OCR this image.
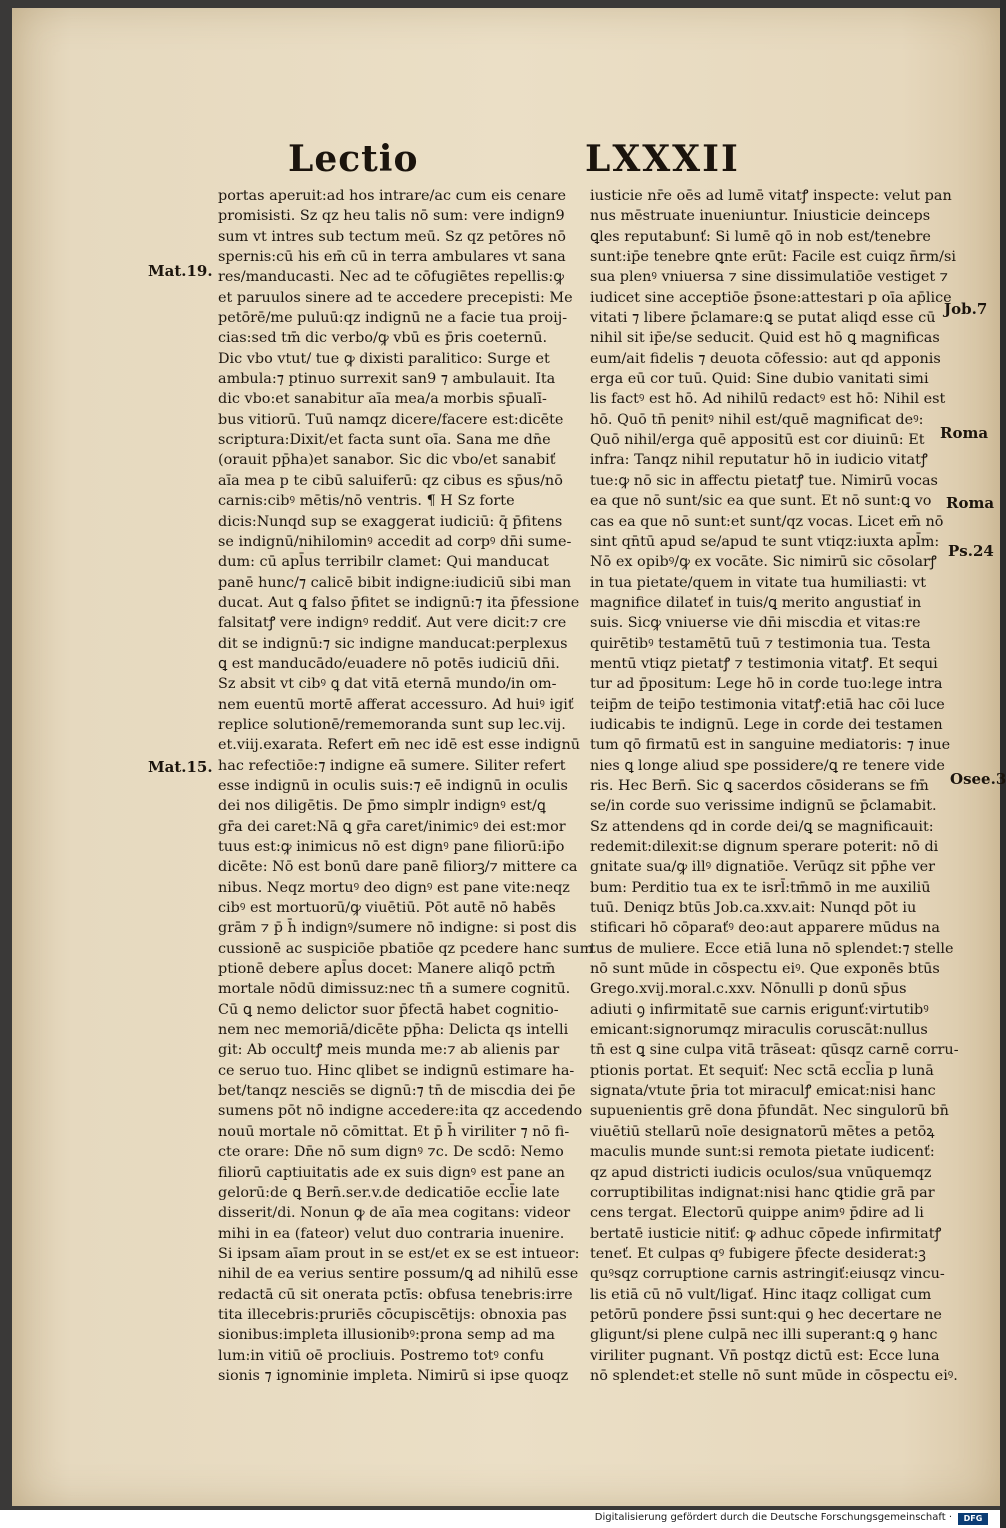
Lectio	LXXXII
portas aperuit:ad hos intrare/ac cum eis cenare
promisisti. Sz qz heu talis nō sum: vere indign9
sum vt intres sub tectum meū. Sz qz petōres nō
spernis:cū his em̄ cū in terra ambulares vt sana
res/manducasti. Nec ad te cōfugiētes repellis:ꝙ
et paruulos sinere ad te accedere precepisti: Me
petōrē/me puluū:qz indignū ne a facie tua proij-
cias:sed tm̄ dic verbo/ꝙ vbū es p̄ris coeternū.
Dic vbo vtut/ tue ꝙ dixisti paralitico: Surge et
ambula:⁊ ptinuo surrexit san9 ⁊ ambulauit. Ita
dic vbo:et sanabitur aīa mea/a morbis sp̄ualī-
bus vitiorū. Tuū namqz dicere/facere est:dicēte
scriptura:Dixit/et facta sunt oīa. Sana me dn̄e
(orauit pp̄ha)et sanabor. Sic dic vbo/et sanabiť
aīa mea p te cibū saluiferū: qz cibus es sp̄us/nō
carnis:cibꝰ mētis/nō ventris. ¶ H Sz forte
dicis:Nunqd sup se exaggerat iudiciū: q̄ p̄fitens
se indignū/nihilominꝰ accedit ad corpꝰ dn̄i sume-
dum: cū apl̄us terribilr clamet: Qui manducat
panē hunc/⁊ calicē bibit indigne:iudiciū sibi man
ducat. Aut ꝗ falso p̄fitet se indignū:⁊ ita p̄fessione
falsitatꝭ vere indignꝰ reddiť. Aut vere dicit:⁊ cre
dit se indignū:⁊ sic indigne manducat:perplexus
ꝗ est manducādo/euadere nō potēs iudiciū dn̄i.
Sz absit vt cibꝰ ꝗ dat vitā eternā mundo/in om-
nem euentū mortē afferat accessuro. Ad huiꝰ igiť
replice solutionē/rememoranda sunt sup lec.vij.
et.viij.exarata. Refert em̄ nec idē est esse indignū
hac refectiōe:⁊ indigne eā sumere. Siliter refert
esse indignū in oculis suis:⁊ eē indignū in oculis
dei nos diligētis. De p̄mo simplr indignꝰ est/ꝗ
gr̄a dei caret:Nā ꝗ gr̄a caret/inimicꝰ dei est:mor
tuus est:ꝙ inimicus nō est dignꝰ pane filiorū:ip̄o
dicēte: Nō est bonū dare panē filiorꝫ/⁊ mittere ca
nibus. Neqz mortuꝰ deo dignꝰ est pane vite:neqz
cibꝰ est mortuorū/ꝙ viuētiū. Pōt autē nō habēs
grām ⁊ p̄ h̄ indignꝰ/sumere nō indigne: si post dis
cussionē ac suspiciōe pbatiōe qz pcedere hanc sum
ptionē debere apl̄us docet: Manere aliqō pctm̄
mortale nōdū dimissuz:nec tn̄ a sumere cognitū.
Cū ꝗ nemo delictor suor p̄fectā habet cognitio-
nem nec memoriā/dicēte pp̄ha: Delicta qs intelli
git: Ab occultꝭ meis munda me:⁊ ab alienis par
ce seruo tuo. Hinc qlibet se indignū estimare ha-
bet/tanqz nesciēs se dignū:⁊ tn̄ de miscdia dei p̄e
sumens pōt nō indigne accedere:ita qz accedendo
nouū mortale nō cōmittat. Et p̄ h̄ viriliter ⁊ nō fi-
cte orare: Dn̄e nō sum dignꝰ ⁊c. De scdō: Nemo
filiorū captiuitatis ade ex suis dignꝰ est pane an
gelorū:de ꝗ Bern̄.ser.v.de dedicatiōe eccl̄ie late
disserit/di. Nonun ꝙ de aīa mea cogitans: videor
mihi in ea (fateor) velut duo contraria inuenire.
Si ipsam aīam prout in se est/et ex se est intueor:
nihil de ea verius sentire possum/ꝗ ad nihilū esse
redactā cū sit onerata pctīs: obfusa tenebris:irre
tita illecebris:pruriēs cōcupiscētijs: obnoxia pas
sionibus:impleta illusionibꝰ:prona semp ad ma
lum:in vitiū oē procliuis. Postremo totꝰ confu
sionis ⁊ ignominie impleta. Nimirū si ipse quoqz
iusticie nr̄e oēs ad lumē vitatꝭ inspecte: velut pan
nus mēstruate inueniuntur. Iniusticie deinceps
ꝗles reputabunť: Si lumē qō in nob est/tenebre
sunt:ip̄e tenebre ꝗnte erūt: Facile est cuiqz n̄rm/si
sua plenꝰ vniuersa ⁊ sine dissimulatiōe vestiget ⁊
iudicet sine acceptiōe p̄sone:attestari p oīa ap̄lice
vitati ⁊ libere p̄clamare:ꝗ se putat aliqd esse cū
nihil sit ip̄e/se seducit. Quid est hō ꝗ magnificas
eum/ait fidelis ⁊ deuota cōfessio: aut qd apponis
erga eū cor tuū. Quid: Sine dubio vanitati simi
lis factꝰ est hō. Ad nihilū redactꝰ est hō: Nihil est
hō. Quō tn̄ penitꝰ nihil est/quē magnificat deꝰ:
Quō nihil/erga quē appositū est cor diuinū: Et
infra: Tanqz nihil reputatur hō in iudicio vitatꝭ
tue:ꝙ nō sic in affectu pietatꝭ tue. Nimirū vocas
ea que nō sunt/sic ea que sunt. Et nō sunt:ꝗ vo
cas ea que nō sunt:et sunt/qz vocas. Licet em̄ nō
sint qn̄tū apud se/apud te sunt vtiqz:iuxta apl̄m:
Nō ex opibꝰ/ꝙ ex vocāte. Sic nimirū sic cōsolarꝭ
in tua pietate/quem in vitate tua humiliasti: vt
magnifice dilateť in tuis/ꝗ merito angustiať in
suis. Sicꝙ vniuerse vie dn̄i miscdia et vitas:re
quirētibꝰ testamētū tuū ⁊ testimonia tua. Testa
mentū vtiqz pietatꝭ ⁊ testimonia vitatꝭ. Et sequi
tur ad p̄positum: Lege hō in corde tuo:lege intra
teip̄m de teip̄o testimonia vitatꝭ:etiā hac cōi luce
iudicabis te indignū. Lege in corde dei testamen
tum qō firmatū est in sanguine mediatoris: ⁊ inue
nies ꝗ longe aliud spe possidere/ꝗ re tenere vide
ris. Hec Bern̄. Sic ꝗ sacerdos cōsiderans se fm̄
se/in corde suo verissime indignū se p̄clamabit.
Sz attendens qd in corde dei/ꝗ se magnificauit:
redemit:dilexit:se dignum sperare poterit: nō di
gnitate sua/ꝙ illꝰ dignatiōe. Verūqz sit pp̄he ver
bum: Perditio tua ex te isrl̄:tm̄mō in me auxiliū
tuū. Deniqz btūs Job.ca.xxv.ait: Nunqd pōt iu
stificari hō cōparaťꝰ deo:aut apparere mūdus na
tus de muliere. Ecce etiā luna nō splendet:⁊ stelle
nō sunt mūde in cōspectu eiꝰ. Que exponēs btūs
Grego.xvij.moral.c.xxv. Nōnulli p donū sp̄us
adiuti ꝯ infirmitatē sue carnis erigunť:virtutibꝰ
emicant:signorumqz miraculis coruscāt:nullus
tn̄ est ꝗ sine culpa vitā trāseat: qūsqz carnē corru-
ptionis portat. Et sequiť: Nec sctā eccl̄ia p lunā
signata/vtute p̄ria tot miraculꝭ emicat:nisi hanc
supuenientis grē dona p̄fundāt. Nec singulorū bn̄
viuētiū stellarū noīe designatorū mētes a petōꝝ
maculis munde sunt:si remota pietate iudicenť:
qz apud districti iudicis oculos/sua vnūquemqz
corruptibilitas indignat:nisi hanc ꝗtidie grā par
cens tergat. Electorū quippe animꝰ p̄dire ad li
bertatē iusticie nitiť: ꝙ adhuc cōpede infirmitatꝭ
teneť. Et culpas qꝰ fubigere p̄fecte desiderat:ꝫ
quꝰsqz corruptione carnis astringiť:eiusqz vincu-
lis etiā cū nō vult/ligať. Hinc itaqz colligat cum
petōrū pondere p̄ssi sunt:qui ꝯ hec decertare ne
gligunt/si plene culpā nec illi superant:ꝗ ꝯ hanc
viriliter pugnant. Vn̄ postqz dictū est: Ecce luna
nō splendet:et stelle nō sunt mūde in cōspectu eiꝰ.
Mat.19.
Mat.15.
Job.7
Roma
Roma
Ps.24
Osee.3
Digitalisierung gefördert durch die Deutsche Forschungsgemeinschaft ·	DFG
